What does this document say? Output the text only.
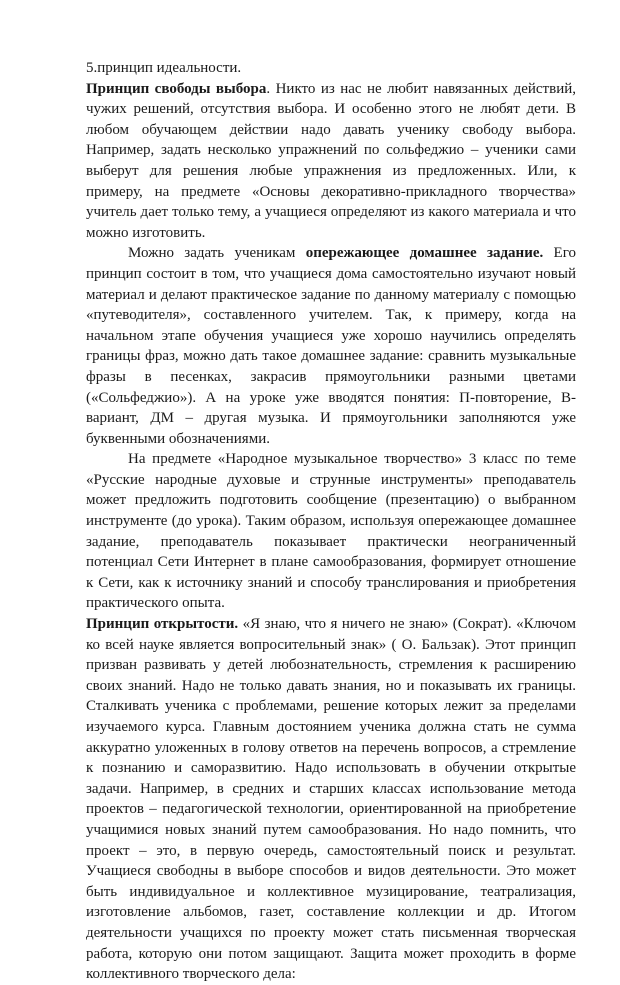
5.принцип идеальности.

Принцип свободы выбора. Никто из нас не любит навязанных действий, чужих решений, отсутствия выбора. И особенно этого не любят дети. В любом обучающем действии надо давать ученику свободу выбора. Например, задать несколько упражнений по сольфеджио – ученики сами выберут для решения любые упражнения из предложенных. Или, к примеру, на предмете «Основы декоративно-прикладного творчества» учитель дает только тему, а учащиеся определяют из какого материала и что можно изготовить.

Можно задать ученикам опережающее домашнее задание. Его принцип состоит в том, что учащиеся дома самостоятельно изучают новый материал и делают практическое задание по данному материалу с помощью «путеводителя», составленного учителем. Так, к примеру, когда на начальном этапе обучения учащиеся уже хорошо научились определять границы фраз, можно дать такое домашнее задание: сравнить музыкальные фразы в песенках, закрасив прямоугольники разными цветами («Сольфеджио»). А на уроке уже вводятся понятия: П-повторение, В-вариант, ДМ – другая музыка. И прямоугольники заполняются уже буквенными обозначениями.

На предмете «Народное музыкальное творчество» 3 класс по теме «Русские народные духовые и струнные инструменты» преподаватель может предложить подготовить сообщение (презентацию) о выбранном инструменте (до урока). Таким образом, используя опережающее домашнее задание, преподаватель показывает практически неограниченный потенциал Сети Интернет в плане самообразования, формирует отношение к Сети, как к источнику знаний и способу транслирования и приобретения практического опыта.

Принцип открытости. «Я знаю, что я ничего не знаю» (Сократ). «Ключом ко всей науке является вопросительный знак» ( О. Бальзак). Этот принцип призван развивать у детей любознательность, стремления к расширению своих знаний. Надо не только давать знания, но и показывать их границы. Сталкивать ученика с проблемами, решение которых лежит за пределами изучаемого курса. Главным достоянием ученика должна стать не сумма аккуратно уложенных в голову ответов на перечень вопросов, а стремление к познанию и саморазвитию. Надо использовать в обучении открытые задачи. Например, в средних и старших классах использование метода проектов – педагогической технологии, ориентированной на приобретение учащимися новых знаний путем самообразования. Но надо помнить, что проект – это, в первую очередь, самостоятельный поиск и результат. Учащиеся свободны в выборе способов и видов деятельности. Это может быть индивидуальное и коллективное музицирование, театрализация, изготовление альбомов, газет, составление коллекции и др. Итогом деятельности учащихся по проекту может стать письменная творческая работа, которую они потом защищают. Защита может проходить в форме коллективного творческого дела:
